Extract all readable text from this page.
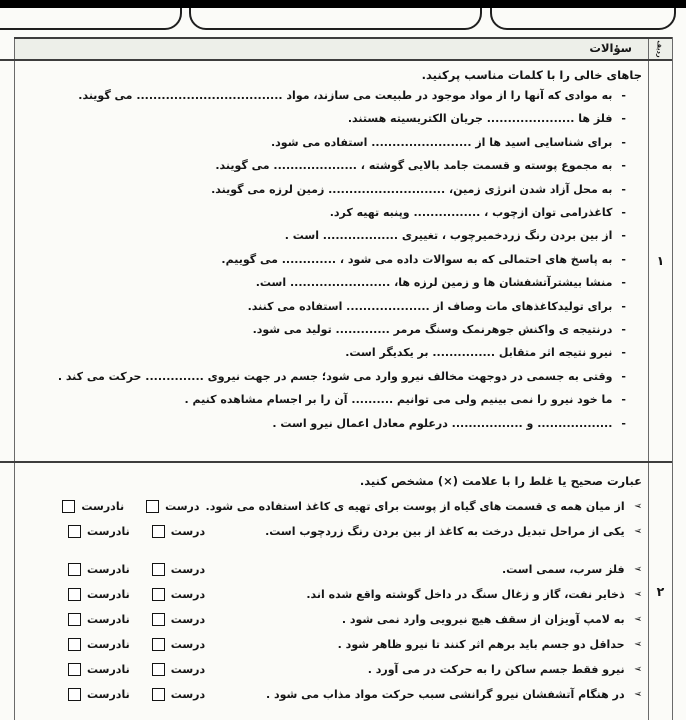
سؤالات	ردیف
۱
۲
جاهای خالی را با کلمات مناسب پرکنید.
-
به موادی که آنها را از مواد موجود در طبیعت می سازند، مواد ................................... می گویند.
-
فلز ها ..................... جریان الکتریسیته هستند.
-
برای شناسایی اسید ها از ........................ استفاده می شود.
-
به مجموع پوسته و قسمت جامد بالایی گوشته ، .................... می گویند.
-
به محل آزاد شدن انرژی زمین، ............................ زمین لرزه می گویند.
-
کاغذرامی توان ازچوب ، ................ وپنبه تهیه کرد.
-
از بین بردن رنگ زردخمیرچوب ، تغییری .................. است .
-
به پاسخ های احتمالی که به سوالات داده می شود ، ............. می گوییم.
-
منشا بیشترآتشفشان ها و زمین لرزه ها، ........................ است.
-
برای تولیدکاغذهای مات وصاف از .................... استفاده می کنند.
-
درنتیجه ی واکنش جوهرنمک وسنگ مرمر ............. تولید می شود.
-
نیرو نتیجه اثر متقابل ............... بر یکدیگر است.
-
وقتی به جسمی در دوجهت مخالف نیرو وارد می شود؛ جسم در جهت نیروی .............. حرکت می کند .
-
ما خود نیرو را نمی بینیم ولی می توانیم .......... آن را بر اجسام مشاهده کنیم .
-
.................. و ................. درعلوم معادل اعمال نیرو است .
عبارت صحیح یا غلط را با علامت (×) مشخص کنید.
➢
از میان همه ی قسمت های گیاه از پوست برای تهیه ی کاغذ استفاده می شود.
درست
نادرست
➢
یکی از مراحل تبدیل درخت به کاغذ از بین بردن رنگ زردچوب است.
درست
نادرست
➢
فلز سرب، سمی است.
درست
نادرست
➢
ذخایر نفت، گاز و زغال سنگ در داخل گوشته واقع شده اند.
درست
نادرست
➢
به لامپ آویزان از سقف هیچ نیرویی وارد نمی شود .
درست
نادرست
➢
حداقل دو جسم باید برهم اثر کنند تا نیرو ظاهر شود .
درست
نادرست
➢
نیرو فقط جسم ساکن را به حرکت در می آورد .
درست
نادرست
➢
در هنگام آتشفشان نیرو گرانشی سبب حرکت مواد مذاب می شود .
درست
نادرست
